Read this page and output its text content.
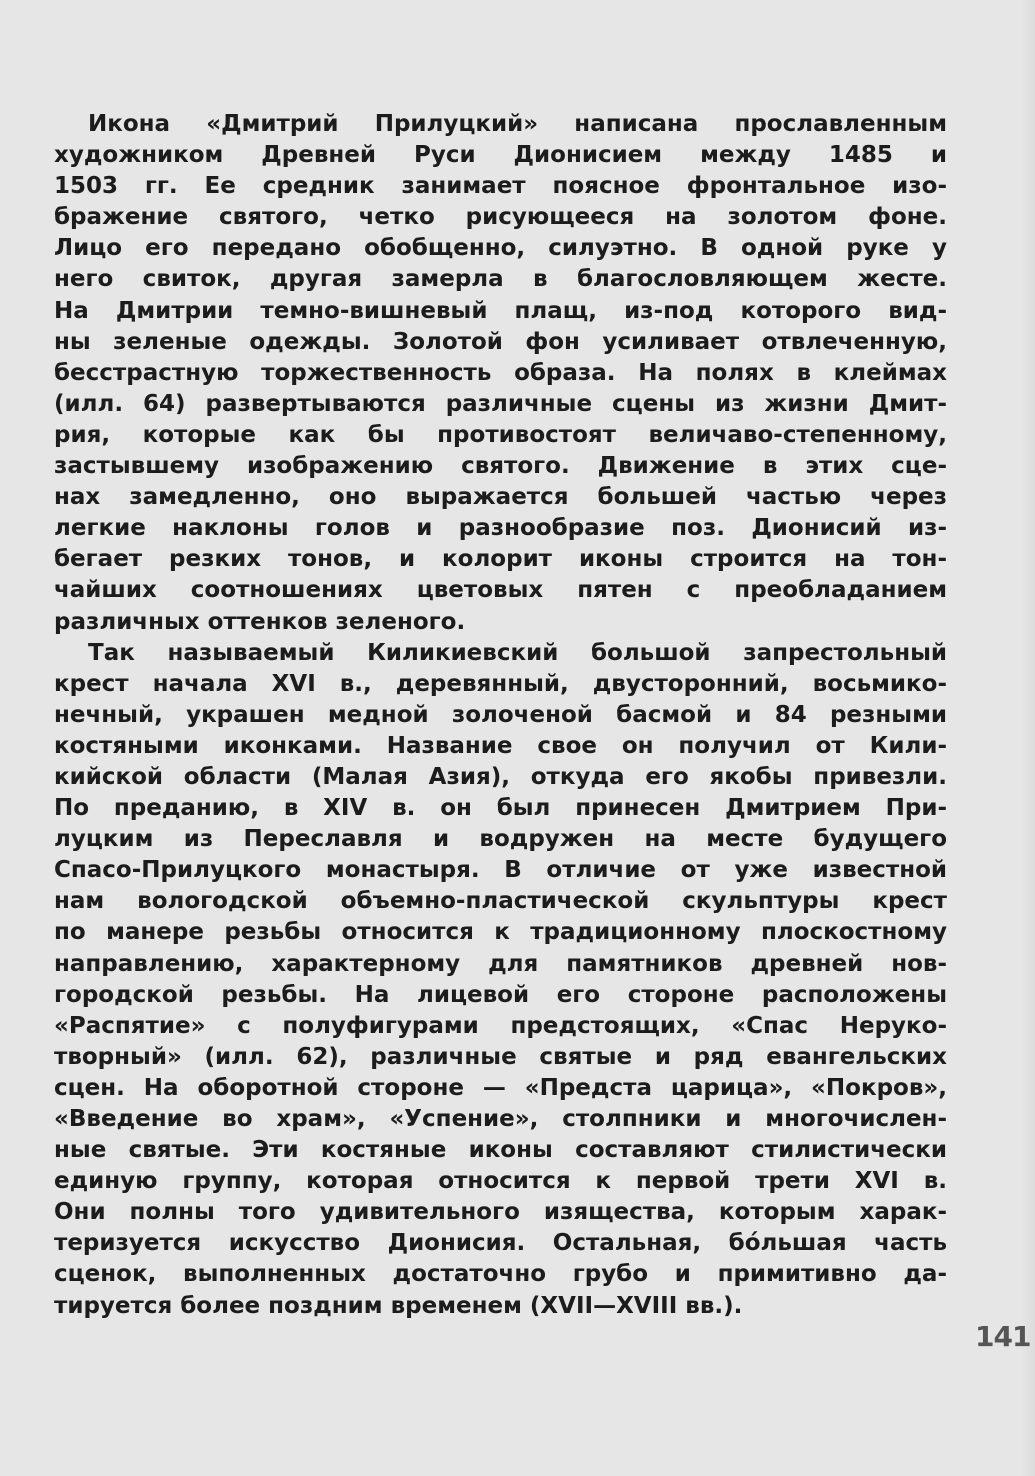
Икона «Дмитрий Прилуцкий» написана прославленным
художником Древней Руси Дионисием между 1485 и
1503 гг. Ее средник занимает поясное фронтальное изо-
бражение святого, четко рисующееся на золотом фоне.
Лицо его передано обобщенно, силуэтно. В одной руке у
него свиток, другая замерла в благословляющем жесте.
На Дмитрии темно-вишневый плащ, из-под которого вид-
ны зеленые одежды. Золотой фон усиливает отвлеченную,
бесстрастную торжественность образа. На полях в клеймах
(илл. 64) развертываются различные сцены из жизни Дмит-
рия, которые как бы противостоят величаво-степенному,
застывшему изображению святого. Движение в этих сце-
нах замедленно, оно выражается большей частью через
легкие наклоны голов и разнообразие поз. Дионисий из-
бегает резких тонов, и колорит иконы строится на тон-
чайших соотношениях цветовых пятен с преобладанием
различных оттенков зеленого.
Так называемый Киликиевский большой запрестольный
крест начала XVI в., деревянный, двусторонний, восьмико-
нечный, украшен медной золоченой басмой и 84 резными
костяными иконками. Название свое он получил от Кили-
кийской области (Малая Азия), откуда его якобы привезли.
По преданию, в XIV в. он был принесен Дмитрием При-
луцким из Переславля и водружен на месте будущего
Спасо-Прилуцкого монастыря. В отличие от уже известной
нам вологодской объемно-пластической скульптуры крест
по манере резьбы относится к традиционному плоскостному
направлению, характерному для памятников древней нов-
городской резьбы. На лицевой его стороне расположены
«Распятие» с полуфигурами предстоящих, «Спас Неруко-
творный» (илл. 62), различные святые и ряд евангельских
сцен. На оборотной стороне — «Предста царица», «Покров»,
«Введение во храм», «Успение», столпники и многочислен-
ные святые. Эти костяные иконы составляют стилистически
единую группу, которая относится к первой трети XVI в.
Они полны того удивительного изящества, которым харак-
теризуется искусство Дионисия. Остальная, бóльшая часть
сценок, выполненных достаточно грубо и примитивно да-
тируется более поздним временем (XVII—XVIII вв.).
141
